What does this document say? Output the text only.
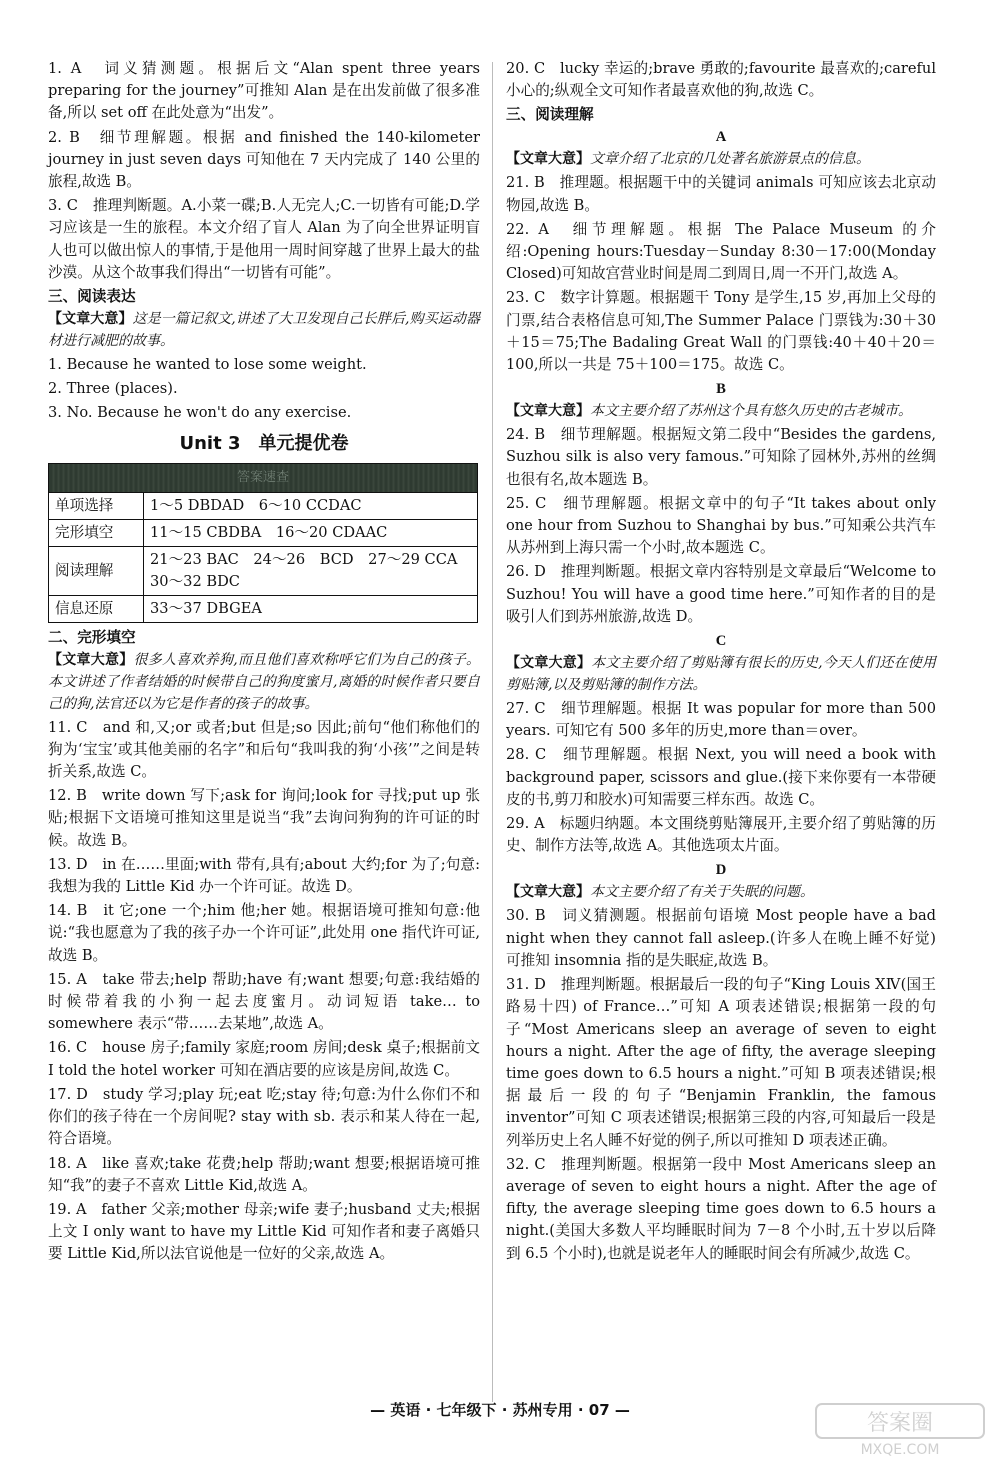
1. A　词义猜测题。根据后文“Alan spent three years preparing for the journey”可推知 Alan 是在出发前做了很多准备,所以 set off 在此处意为“出发”。

2. B　细节理解题。根据 and finished the 140-kilometer journey in just seven days 可知他在 7 天内完成了 140 公里的旅程,故选 B。

3. C　推理判断题。A.小菜一碟;B.人无完人;C.一切皆有可能;D.学习应该是一生的旅程。本文介绍了盲人 Alan 为了向全世界证明盲人也可以做出惊人的事情,于是他用一周时间穿越了世界上最大的盐沙漠。从这个故事我们得出“一切皆有可能”。

三、阅读表达

【文章大意】这是一篇记叙文,讲述了大卫发现自己长胖后,购买运动器材进行减肥的故事。

1. Because he wanted to lose some weight.

2. Three (places).

3. No. Because he won't do any exercise.

Unit 3　单元提优卷
答案速查	
单项选择	1～5 DBDAD　6～10 CCDAC
完形填空	11～15 CBDBA　16～20 CDAAC
阅读理解	21～23 BAC　24～26　BCD　27～29 CCA　30～32 BDC
信息还原	33～37 DBGEA

二、完形填空

【文章大意】很多人喜欢养狗,而且他们喜欢称呼它们为自己的孩子。本文讲述了作者结婚的时候带自己的狗度蜜月,离婚的时候作者只要自己的狗,法官还以为它是作者的孩子的故事。

11. C　and 和,又;or 或者;but 但是;so 因此;前句“他们称他们的狗为‘宝宝’或其他美丽的名字”和后句“我叫我的狗‘小孩’”之间是转折关系,故选 C。

12. B　write down 写下;ask for 询问;look for 寻找;put up 张贴;根据下文语境可推知这里是说当“我”去询问狗狗的许可证的时候。故选 B。

13. D　in 在……里面;with 带有,具有;about 大约;for 为了;句意:我想为我的 Little Kid 办一个许可证。故选 D。

14. B　it 它;one 一个;him 他;her 她。根据语境可推知句意:他说:“我也愿意为了我的孩子办一个许可证”,此处用 one 指代许可证,故选 B。

15. A　take 带去;help 帮助;have 有;want 想要;句意:我结婚的时候带着我的小狗一起去度蜜月。动词短语 take… to somewhere 表示“带……去某地”,故选 A。

16. C　house 房子;family 家庭;room 房间;desk 桌子;根据前文 I told the hotel worker 可知在酒店要的应该是房间,故选 C。

17. D　study 学习;play 玩;eat 吃;stay 待;句意:为什么你们不和你们的孩子待在一个房间呢? stay with sb. 表示和某人待在一起,符合语境。

18. A　like 喜欢;take 花费;help 帮助;want 想要;根据语境可推知“我”的妻子不喜欢 Little Kid,故选 A。

19. A　father 父亲;mother 母亲;wife 妻子;husband 丈夫;根据上文 I only want to have my Little Kid 可知作者和妻子离婚只要 Little Kid,所以法官说他是一位好的父亲,故选 A。

20. C　lucky 幸运的;brave 勇敢的;favourite 最喜欢的;careful 小心的;纵观全文可知作者最喜欢他的狗,故选 C。

三、阅读理解

A

【文章大意】文章介绍了北京的几处著名旅游景点的信息。

21. B　推理题。根据题干中的关键词 animals 可知应该去北京动物园,故选 B。

22. A　细节理解题。根据 The Palace Museum 的介绍:Opening hours:Tuesday－Sunday 8:30－17:00(Monday Closed)可知故宫营业时间是周二到周日,周一不开门,故选 A。

23. C　数字计算题。根据题干 Tony 是学生,15 岁,再加上父母的门票,结合表格信息可知,The Summer Palace 门票钱为:30＋30＋15＝75;The Badaling Great Wall 的门票钱:40＋40＋20＝100,所以一共是 75＋100＝175。故选 C。

B

【文章大意】本文主要介绍了苏州这个具有悠久历史的古老城市。

24. B　细节理解题。根据短文第二段中“Besides the gardens, Suzhou silk is also very famous.”可知除了园林外,苏州的丝绸也很有名,故本题选 B。

25. C　细节理解题。根据文章中的句子“It takes about only one hour from Suzhou to Shanghai by bus.”可知乘公共汽车从苏州到上海只需一个小时,故本题选 C。

26. D　推理判断题。根据文章内容特别是文章最后“Welcome to Suzhou! You will have a good time here.”可知作者的目的是吸引人们到苏州旅游,故选 D。

C

【文章大意】本文主要介绍了剪贴簿有很长的历史,今天人们还在使用剪贴簿,以及剪贴簿的制作方法。

27. C　细节理解题。根据 It was popular for more than 500 years. 可知它有 500 多年的历史,more than＝over。

28. C　细节理解题。根据 Next, you will need a book with background paper, scissors and glue.(接下来你要有一本带硬皮的书,剪刀和胶水)可知需要三样东西。故选 C。

29. A　标题归纳题。本文围绕剪贴簿展开,主要介绍了剪贴簿的历史、制作方法等,故选 A。其他选项太片面。

D

【文章大意】本文主要介绍了有关于失眠的问题。

30. B　词义猜测题。根据前句语境 Most people have a bad night when they cannot fall asleep.(许多人在晚上睡不好觉)可推知 insomnia 指的是失眠症,故选 B。

31. D　推理判断题。根据最后一段的句子“King Louis ⅩⅣ(国王路易十四) of France…”可知 A 项表述错误;根据第一段的句子“Most Americans sleep an average of seven to eight hours a night. After the age of fifty, the average sleeping time goes down to 6.5 hours a night.”可知 B 项表述错误;根据最后一段的句子“Benjamin Franklin, the famous inventor”可知 C 项表述错误;根据第三段的内容,可知最后一段是列举历史上名人睡不好觉的例子,所以可推知 D 项表述正确。

32. C　推理判断题。根据第一段中 Most Americans sleep an average of seven to eight hours a night. After the age of fifty, the average sleeping time goes down to 6.5 hours a night.(美国大多数人平均睡眠时间为 7－8 个小时,五十岁以后降到 6.5 个小时),也就是说老年人的睡眠时间会有所减少,故选 C。

— 英语 · 七年级下 · 苏州专用 · 07 —
答案圈
MXQE.COM
